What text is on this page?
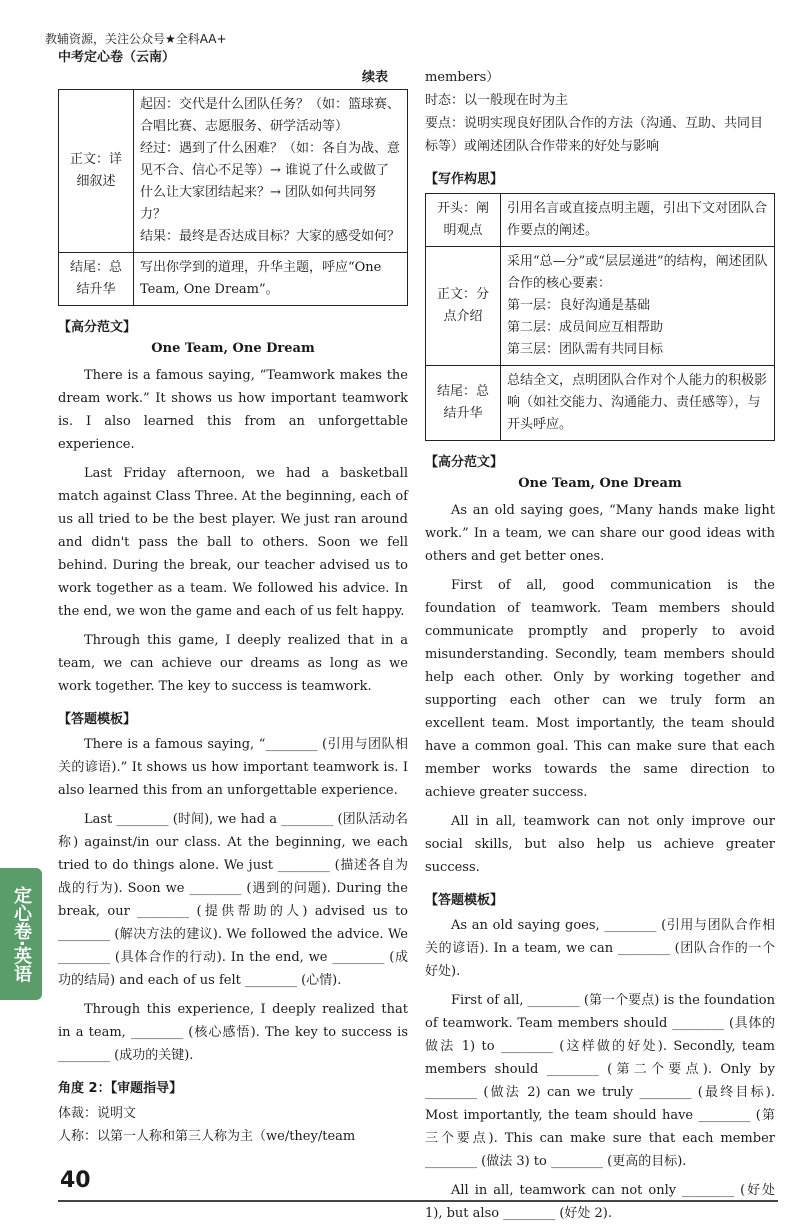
教辅资源，关注公众号★全科AA+
中考定心卷（云南）
续表
正文：详细叙述	起因：交代是什么团队任务？（如：篮球赛、合唱比赛、志愿服务、研学活动等）
经过：遇到了什么困难？（如：各自为战、意见不合、信心不足等）→ 谁说了什么或做了什么让大家团结起来？→ 团队如何共同努力？
结果：最终是否达成目标？大家的感受如何？

结尾：总结升华	写出你学到的道理，升华主题，呼应“One Team, One Dream”。
【高分范文】
One Team, One Dream

There is a famous saying, “Teamwork makes the dream work.” It shows us how important teamwork is. I also learned this from an unforgettable experience.

Last Friday afternoon, we had a basketball match against Class Three. At the beginning, each of us all tried to be the best player. We just ran around and didn't pass the ball to others. Soon we fell behind. During the break, our teacher advised us to work together as a team. We followed his advice. In the end, we won the game and each of us felt happy.

Through this game, I deeply realized that in a team, we can achieve our dreams as long as we work together. The key to success is teamwork.

【答题模板】

There is a famous saying, “________ (引用与团队相关的谚语).” It shows us how important teamwork is. I also learned this from an unforgettable experience.

Last ________ (时间), we had a ________ (团队活动名称) against/in our class. At the beginning, we each tried to do things alone. We just ________ (描述各自为战的行为). Soon we ________ (遇到的问题). During the break, our ________ (提供帮助的人) advised us to ________ (解决方法的建议). We followed the advice. We ________ (具体合作的行动). In the end, we ________ (成功的结局) and each of us felt ________ (心情).

Through this experience, I deeply realized that in a team, ________ (核心感悟). The key to success is ________ (成功的关键).

角度 2：【审题指导】
体裁：说明文
人称：以第一人称和第三人称为主（we/they/team
members）
时态：以一般现在时为主
要点：说明实现良好团队合作的方法（沟通、互助、共同目标等）或阐述团队合作带来的好处与影响
【写作构思】
开头：阐明观点	引用名言或直接点明主题，引出下文对团队合作要点的阐述。

正文：分点介绍	采用“总—分”或“层层递进”的结构，阐述团队合作的核心要素：
第一层：良好沟通是基础
第二层：成员间应互相帮助
第三层：团队需有共同目标

结尾：总结升华	总结全文，点明团队合作对个人能力的积极影响（如社交能力、沟通能力、责任感等），与开头呼应。
【高分范文】
One Team, One Dream

As an old saying goes, “Many hands make light work.” In a team, we can share our good ideas with others and get better ones.

First of all, good communication is the foundation of teamwork. Team members should communicate promptly and properly to avoid misunderstanding. Secondly, team members should help each other. Only by working together and supporting each other can we truly form an excellent team. Most importantly, the team should have a common goal. This can make sure that each member works towards the same direction to achieve greater success.

All in all, teamwork can not only improve our social skills, but also help us achieve greater success.

【答题模板】

As an old saying goes, ________ (引用与团队合作相关的谚语). In a team, we can ________ (团队合作的一个好处).

First of all, ________ (第一个要点) is the foundation of teamwork. Team members should ________ (具体的做法 1) to ________ (这样做的好处). Secondly, team members should ________ (第二个要点). Only by ________ (做法 2) can we truly ________ (最终目标). Most importantly, the team should have ________ (第三个要点). This can make sure that each member ________ (做法 3) to ________ (更高的目标).

All in all, teamwork can not only ________ (好处 1), but also ________ (好处 2).

定心卷·英语
40
